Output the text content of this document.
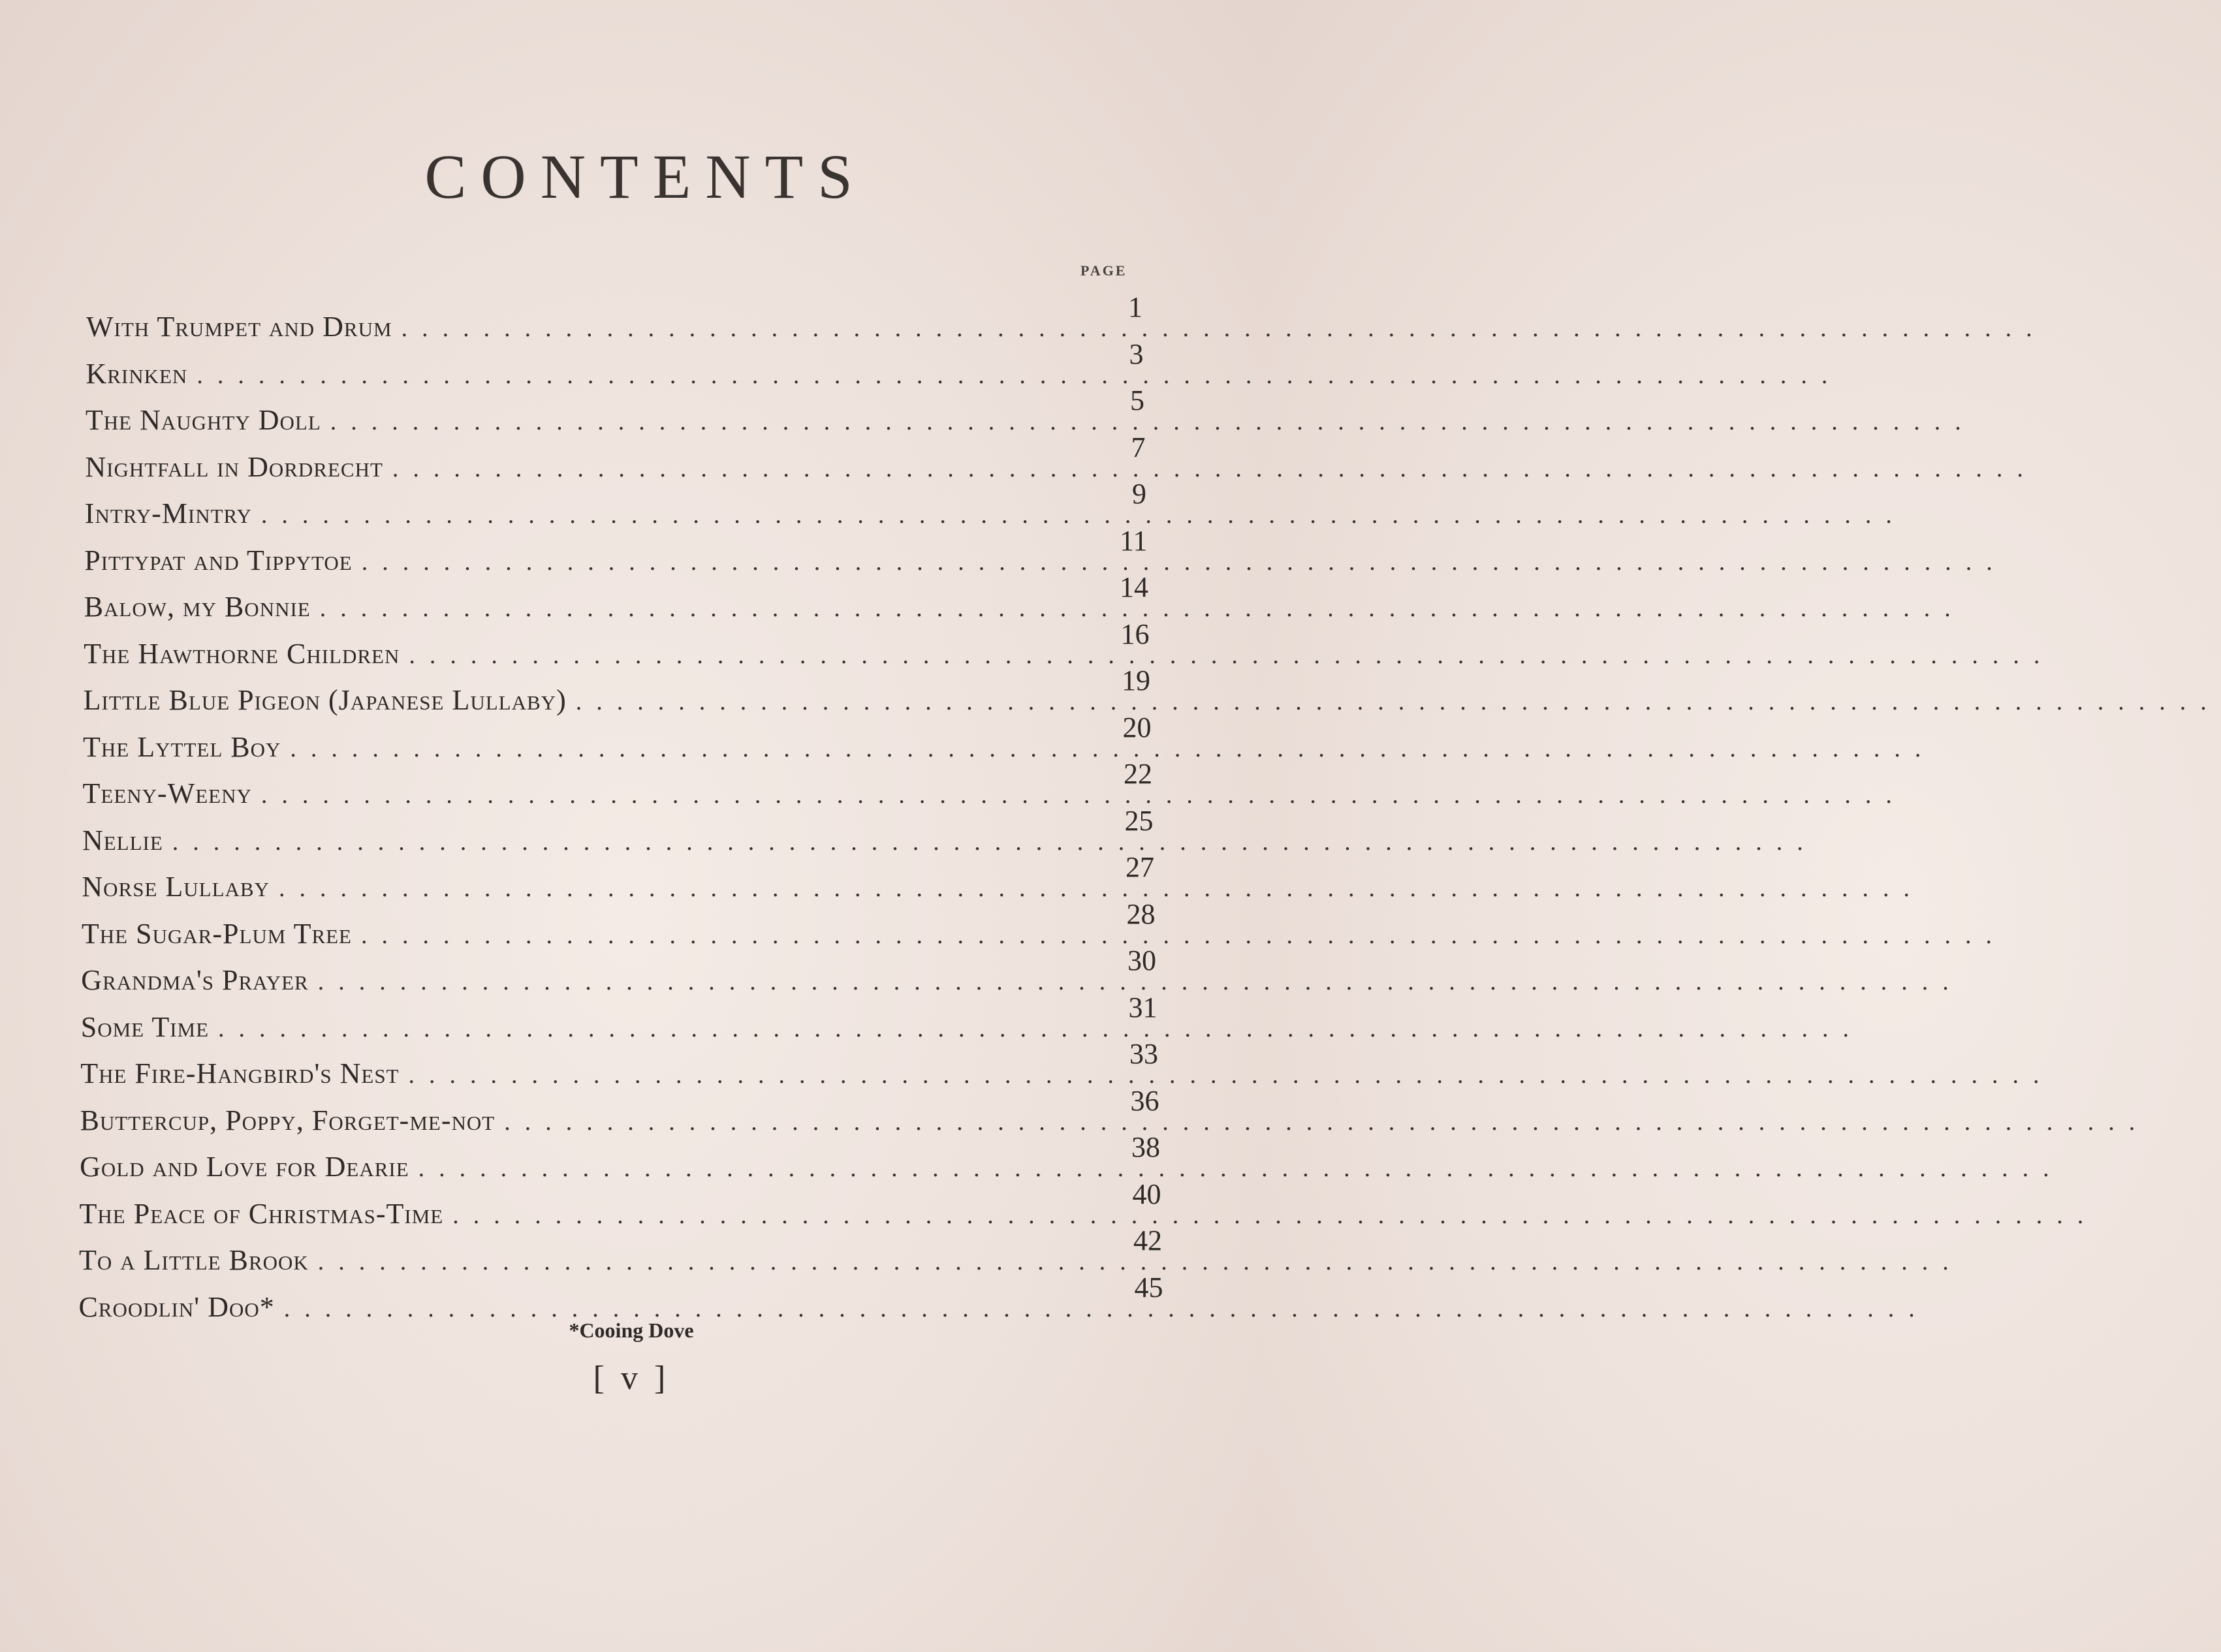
CONTENTS
PAGE
With Trumpet and Drum ................................................................................
1
Krinken ................................................................................
3
The Naughty Doll ................................................................................
5
Nightfall in Dordrecht ................................................................................
7
Intry-Mintry ................................................................................
9
Pittypat and Tippytoe ................................................................................
11
Balow, my Bonnie ................................................................................
14
The Hawthorne Children ................................................................................
16
Little Blue Pigeon (Japanese Lullaby) ................................................................................
19
The Lyttel Boy ................................................................................
20
Teeny-Weeny ................................................................................
22
Nellie ................................................................................
25
Norse Lullaby ................................................................................
27
The Sugar-Plum Tree ................................................................................
28
Grandma's Prayer ................................................................................
30
Some Time ................................................................................
31
The Fire-Hangbird's Nest ................................................................................
33
Buttercup, Poppy, Forget-me-not ................................................................................
36
Gold and Love for Dearie ................................................................................
38
The Peace of Christmas-Time ................................................................................
40
To a Little Brook ................................................................................
42
Croodlin' Doo* ................................................................................
45
*Cooing Dove
[ v ]
